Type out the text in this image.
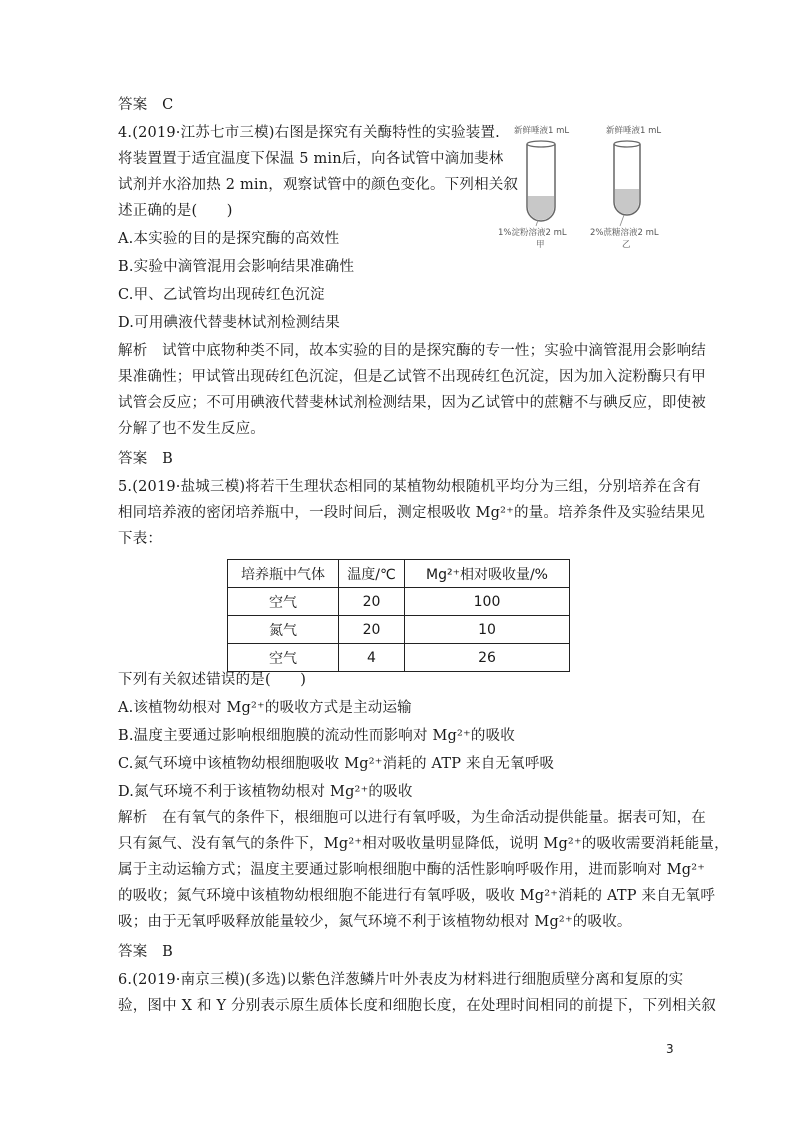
答案　C
4.(2019·江苏七市三模)右图是探究有关酶特性的实验装置.
将装置置于适宜温度下保温 5 min后，向各试管中滴加斐林
试剂并水浴加热 2 min，观察试管中的颜色变化。下列相关叙
述正确的是(　　)
A.本实验的目的是探究酶的高效性
B.实验中滴管混用会影响结果准确性
C.甲、乙试管均出现砖红色沉淀
D.可用碘液代替斐林试剂检测结果
解析　试管中底物种类不同，故本实验的目的是探究酶的专一性；实验中滴管混用会影响结
果准确性；甲试管出现砖红色沉淀，但是乙试管不出现砖红色沉淀，因为加入淀粉酶只有甲
试管会反应；不可用碘液代替斐林试剂检测结果，因为乙试管中的蔗糖不与碘反应，即使被
分解了也不发生反应。
答案　B
新鲜唾液1 mL	新鲜唾液1 mL
1%淀粉溶液2 mL	2%蔗糖溶液2 mL
甲	乙
5.(2019·盐城三模)将若干生理状态相同的某植物幼根随机平均分为三组，分别培养在含有
相同培养液的密闭培养瓶中，一段时间后，测定根吸收 Mg²⁺的量。培养条件及实验结果见
下表：
培养瓶中气体	温度/℃	Mg²⁺相对吸收量/%
空气	20	100
氮气	20	10
空气	4	26
下列有关叙述错误的是(　　)
A.该植物幼根对 Mg²⁺的吸收方式是主动运输
B.温度主要通过影响根细胞膜的流动性而影响对 Mg²⁺的吸收
C.氮气环境中该植物幼根细胞吸收 Mg²⁺消耗的 ATP 来自无氧呼吸
D.氮气环境不利于该植物幼根对 Mg²⁺的吸收
解析　在有氧气的条件下，根细胞可以进行有氧呼吸，为生命活动提供能量。据表可知，在
只有氮气、没有氧气的条件下，Mg²⁺相对吸收量明显降低，说明 Mg²⁺的吸收需要消耗能量，
属于主动运输方式；温度主要通过影响根细胞中酶的活性影响呼吸作用，进而影响对 Mg²⁺
的吸收；氮气环境中该植物幼根细胞不能进行有氧呼吸，吸收 Mg²⁺消耗的 ATP 来自无氧呼
吸；由于无氧呼吸释放能量较少，氮气环境不利于该植物幼根对 Mg²⁺的吸收。
答案　B
6.(2019·南京三模)(多选)以紫色洋葱鳞片叶外表皮为材料进行细胞质壁分离和复原的实
验，图中 X 和 Y 分别表示原生质体长度和细胞长度，在处理时间相同的前提下，下列相关叙
3
